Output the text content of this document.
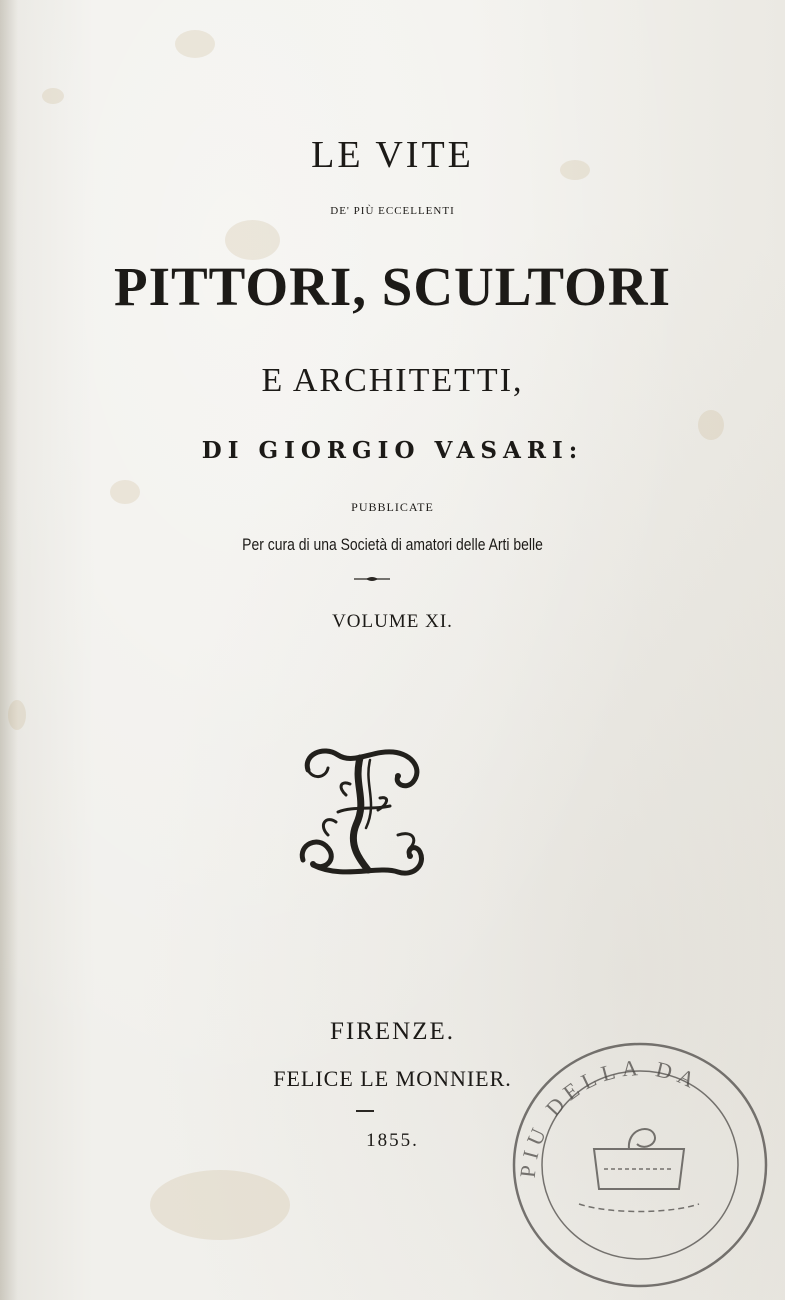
LE VITE
DE' PIÙ ECCELLENTI
PITTORI, SCULTORI
E ARCHITETTI,
DI GIORGIO VASARI:
PUBBLICATE
Per cura di una Società di amatori delle Arti belle
VOLUME XI.
FIRENZE.
FELICE LE MONNIER.
1855.
PIU DELLA DA
